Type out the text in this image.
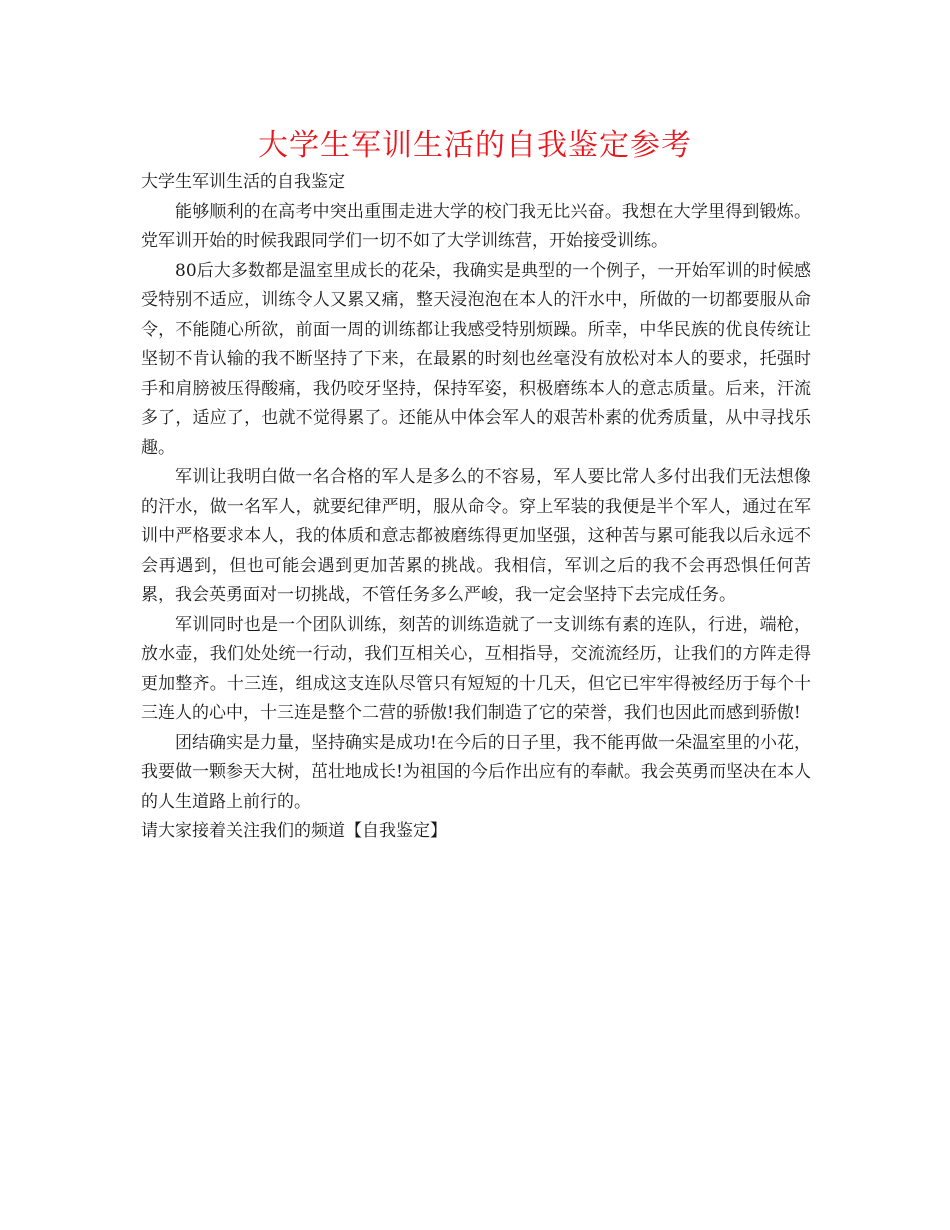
大学生军训生活的自我鉴定参考

大学生军训生活的自我鉴定

能够顺利的在高考中突出重围走进大学的校门我无比兴奋。我想在大学里得到锻炼。党军训开始的时候我跟同学们一切不如了大学训练营，开始接受训练。

80后大多数都是温室里成长的花朵，我确实是典型的一个例子，一开始军训的时候感受特别不适应，训练令人又累又痛，整天浸泡泡在本人的汗水中，所做的一切都要服从命令，不能随心所欲，前面一周的训练都让我感受特别烦躁。所幸，中华民族的优良传统让坚韧不肯认输的我不断坚持了下来，在最累的时刻也丝毫没有放松对本人的要求，托强时手和肩膀被压得酸痛，我仍咬牙坚持，保持军姿，积极磨练本人的意志质量。后来，汗流多了，适应了，也就不觉得累了。还能从中体会军人的艰苦朴素的优秀质量，从中寻找乐趣。

军训让我明白做一名合格的军人是多么的不容易，军人要比常人多付出我们无法想像的汗水，做一名军人，就要纪律严明，服从命令。穿上军装的我便是半个军人，通过在军训中严格要求本人，我的体质和意志都被磨练得更加坚强，这种苦与累可能我以后永远不会再遇到，但也可能会遇到更加苦累的挑战。我相信，军训之后的我不会再恐惧任何苦累，我会英勇面对一切挑战，不管任务多么严峻，我一定会坚持下去完成任务。

军训同时也是一个团队训练，刻苦的训练造就了一支训练有素的连队，行进，端枪，放水壶，我们处处统一行动，我们互相关心，互相指导，交流流经历，让我们的方阵走得更加整齐。十三连，组成这支连队尽管只有短短的十几天，但它已牢牢得被经历于每个十三连人的心中，十三连是整个二营的骄傲!我们制造了它的荣誉，我们也因此而感到骄傲!

团结确实是力量，坚持确实是成功!在今后的日子里，我不能再做一朵温室里的小花，我要做一颗参天大树，茁壮地成长!为祖国的今后作出应有的奉献。我会英勇而坚决在本人的人生道路上前行的。

请大家接着关注我们的频道【自我鉴定】
